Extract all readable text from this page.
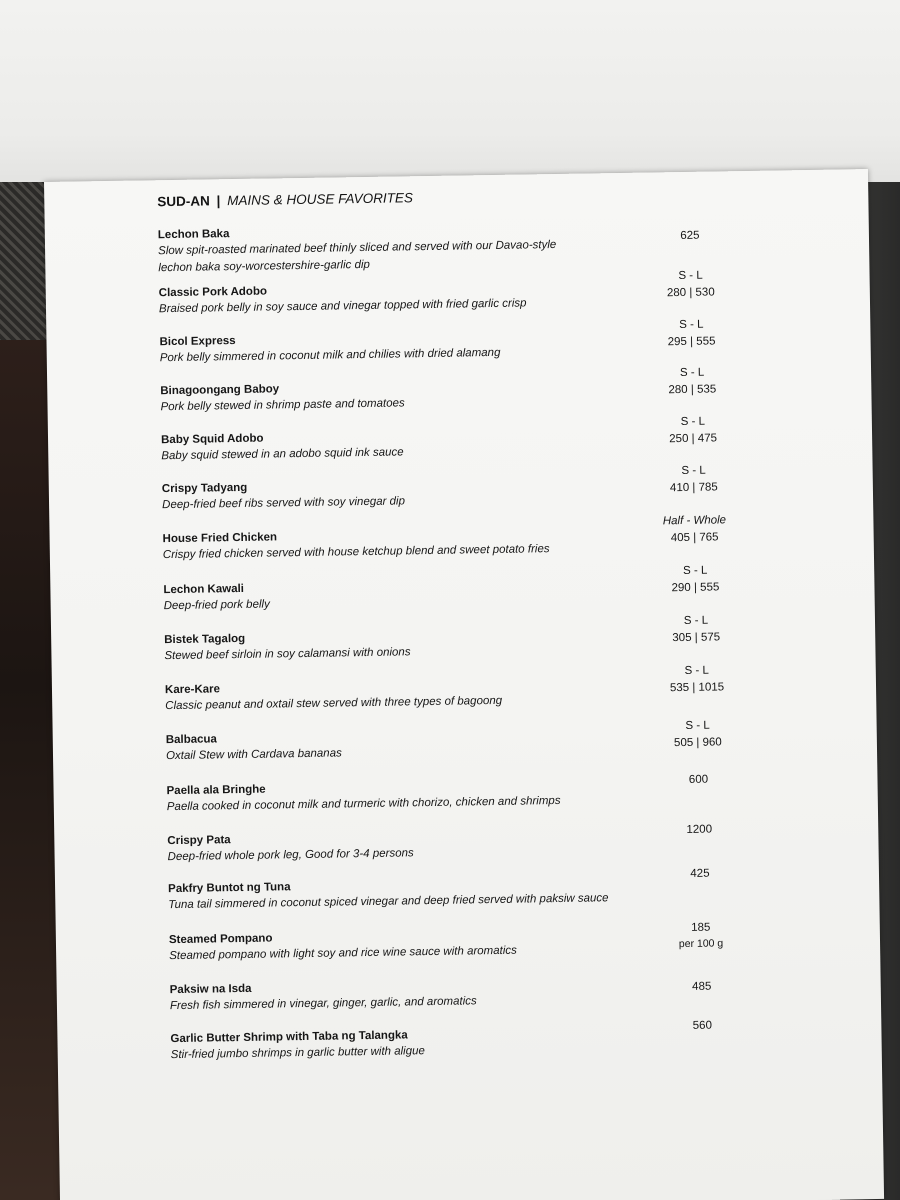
SUD-AN | MAINS & HOUSE FAVORITES
Lechon Baka
Slow spit-roasted marinated beef thinly sliced and served with our Davao-style
lechon baka soy-worcestershire-garlic dip
625
Classic Pork Adobo
Braised pork belly in soy sauce and vinegar topped with fried garlic crisp
S - L
280 | 530
Bicol Express
Pork belly simmered in coconut milk and chilies with dried alamang
S - L
295 | 555
Binagoongang Baboy
Pork belly stewed in shrimp paste and tomatoes
S - L
280 | 535
Baby Squid Adobo
Baby squid stewed in an adobo squid ink sauce
S - L
250 | 475
Crispy Tadyang
Deep-fried beef ribs served with soy vinegar dip
S - L
410 | 785
House Fried Chicken
Crispy fried chicken served with house ketchup blend and sweet potato fries
Half - Whole
405 | 765
Lechon Kawali
Deep-fried pork belly
S - L
290 | 555
Bistek Tagalog
Stewed beef sirloin in soy calamansi with onions
S - L
305 | 575
Kare-Kare
Classic peanut and oxtail stew served with three types of bagoong
S - L
535 | 1015
Balbacua
Oxtail Stew with Cardava bananas
S - L
505 | 960
Paella ala Bringhe
Paella cooked in coconut milk and turmeric with chorizo, chicken and shrimps
600
Crispy Pata
Deep-fried whole pork leg, Good for 3-4 persons
1200
Pakfry Buntot ng Tuna
Tuna tail simmered in coconut spiced vinegar and deep fried served with paksiw sauce
425
Steamed Pompano
Steamed pompano with light soy and rice wine sauce with aromatics
185
per 100 g
Paksiw na Isda
Fresh fish simmered in vinegar, ginger, garlic, and aromatics
485
Garlic Butter Shrimp with Taba ng Talangka
Stir-fried jumbo shrimps in garlic butter with aligue
560
